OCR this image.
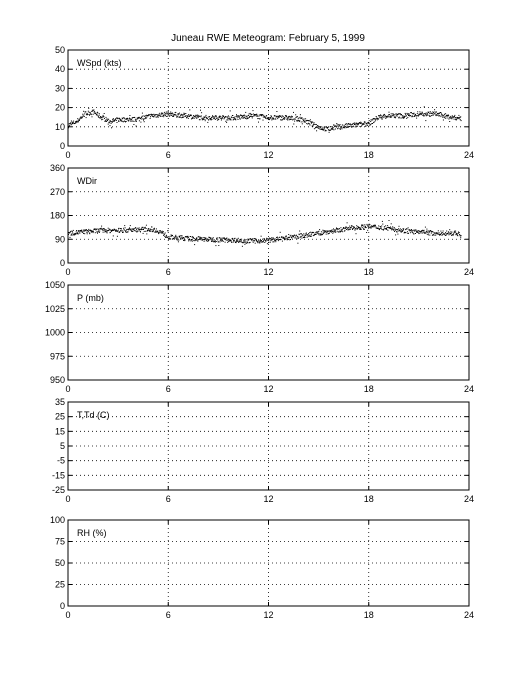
Juneau RWE Meteogram: February 5, 1999
0	6	12	18	24
0
10
20
30
40
50
WSpd (kts)
0	6	12	18	24
0
90
180
270
360
WDir
0	6	12	18	24
950
975
1000
1025
1050
P (mb)
0	6	12	18	24
-25
-15
-5
5
15
25
35
T,Td (C)
0	6	12	18	24
0
25
50
75
100
RH (%)
